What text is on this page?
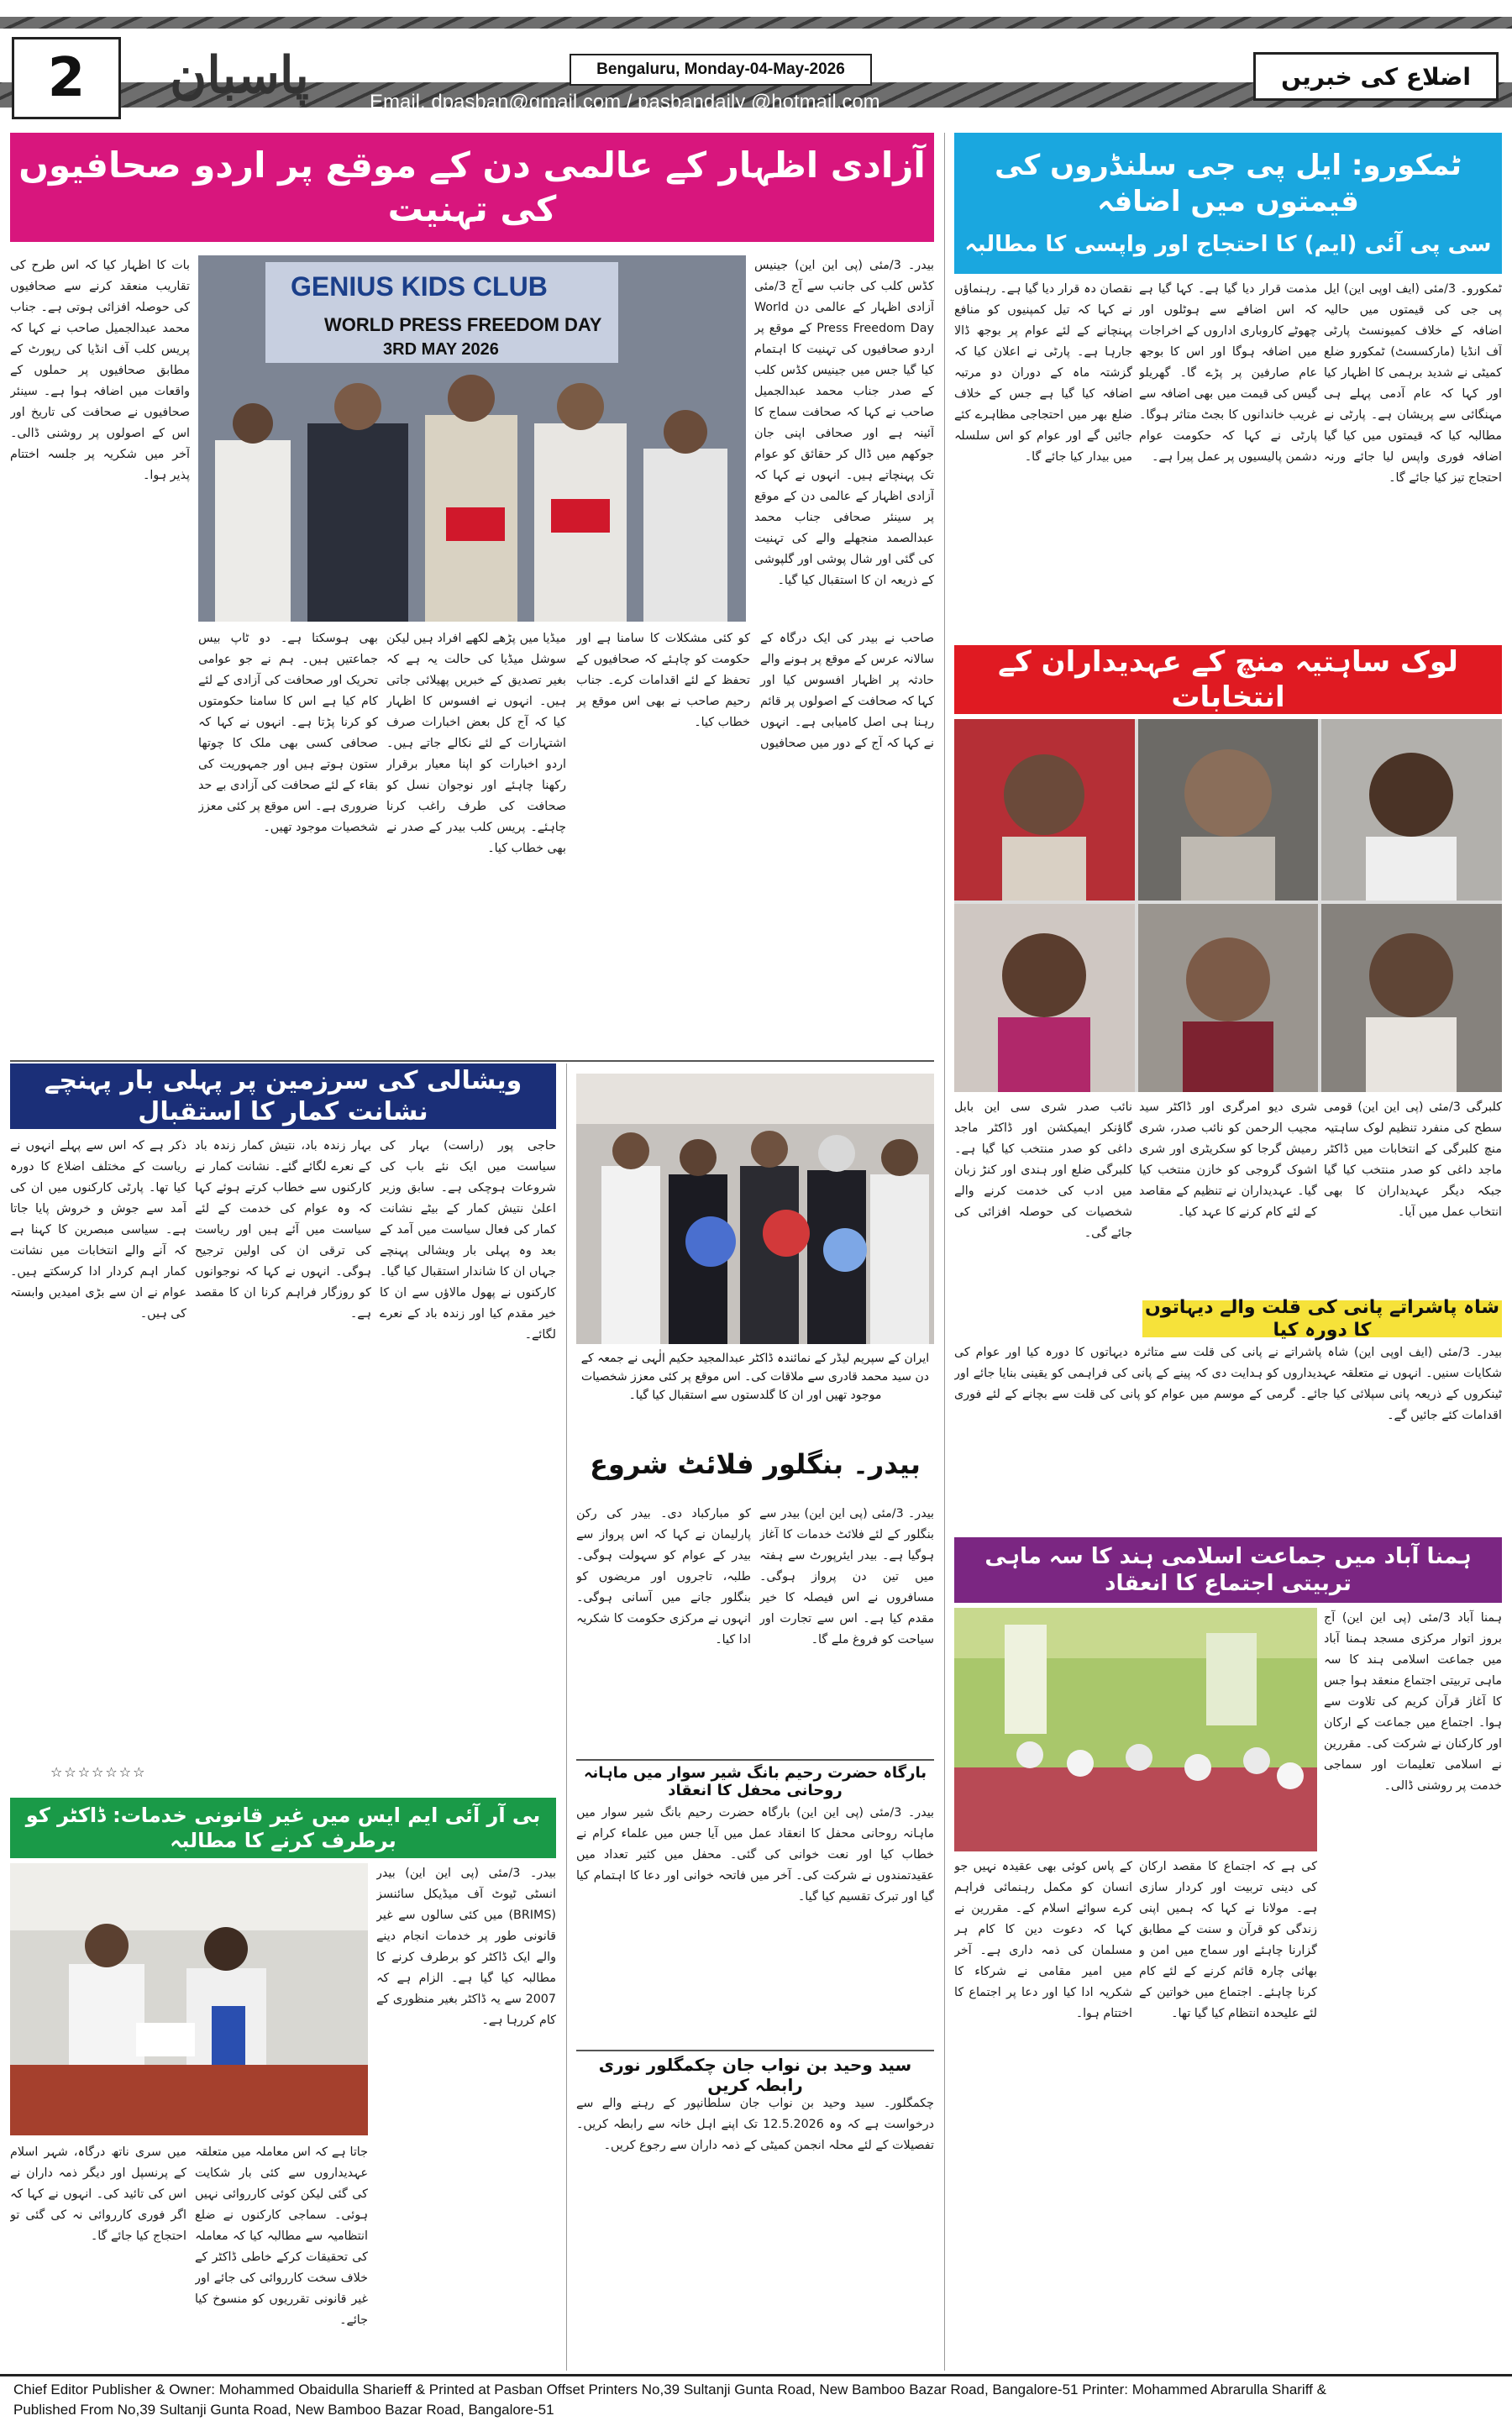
2	پاسبان	Bengaluru, Monday-04-May-2026
Email. dpasban@gmail.com / pasbandaily @hotmail.com
اضلاع کی خبریں
ٹمکورو: ایل پی جی سلنڈروں کی قیمتوں میں اضافہ
سی پی آئی (ایم) کا احتجاج اور واپسی کا مطالبہ
ٹمکورو۔ 3/مئی (ایف اوپی این) ایل پی جی کی قیمتوں میں حالیہ اضافہ کے خلاف کمیونسٹ پارٹی آف انڈیا (مارکسسٹ) ٹمکورو ضلع کمیٹی نے شدید برہمی کا اظہار کیا اور کہا کہ عام آدمی پہلے ہی مہنگائی سے پریشان ہے۔ پارٹی نے مطالبہ کیا کہ قیمتوں میں کیا گیا اضافہ فوری واپس لیا جائے ورنہ احتجاج تیز کیا جائے گا۔
مذمت قرار دیا گیا ہے۔ کہا گیا ہے کہ اس اضافے سے ہوٹلوں اور چھوٹے کاروباری اداروں کے اخراجات میں اضافہ ہوگا اور اس کا بوجھ عام صارفین پر پڑے گا۔ گھریلو گیس کی قیمت میں بھی اضافہ سے غریب خاندانوں کا بجٹ متاثر ہوگا۔ پارٹی نے کہا کہ حکومت عوام دشمن پالیسیوں پر عمل پیرا ہے۔
نقصان دہ قرار دیا گیا ہے۔ رہنماؤں نے کہا کہ تیل کمپنیوں کو منافع پہنچانے کے لئے عوام پر بوجھ ڈالا جارہا ہے۔ پارٹی نے اعلان کیا کہ گزشتہ ماہ کے دوران دو مرتبہ اضافہ کیا گیا ہے جس کے خلاف ضلع بھر میں احتجاجی مظاہرے کئے جائیں گے اور عوام کو اس سلسلہ میں بیدار کیا جائے گا۔
لوک ساہتیہ منچ کے عہدیداران کے انتخابات
کلبرگی 3/مئی (پی این این) قومی سطح کی منفرد تنظیم لوک ساہتیہ منچ کلبرگی کے انتخابات میں ڈاکٹر ماجد داغی کو صدر منتخب کیا گیا جبکہ دیگر عہدیداران کا بھی انتخاب عمل میں آیا۔
شری دیو امرگری اور ڈاکٹر سید مجیب الرحمن کو نائب صدر، شری رمیش گرجا کو سکریٹری اور شری اشوک گروجی کو خازن منتخب کیا گیا۔ عہدیداران نے تنظیم کے مقاصد کے لئے کام کرنے کا عہد کیا۔
نائب صدر شری سی این بابل گاؤنکر ایمیکشن اور ڈاکٹر ماجد داغی کو صدر منتخب کیا گیا ہے۔ کلبرگی ضلع اور ہندی اور کنڑ زبان میں ادب کی خدمت کرنے والے شخصیات کی حوصلہ افزائی کی جائے گی۔
شاہ پاشراتے پانی کی قلت والے دیہاتوں کا دورہ کیا
بیدر۔ 3/مئی (ایف اوپی این) شاہ پاشراتے نے پانی کی قلت سے متاثرہ دیہاتوں کا دورہ کیا اور عوام کی شکایات سنیں۔ انہوں نے متعلقہ عہدیداروں کو ہدایت دی کہ پینے کے پانی کی فراہمی کو یقینی بنایا جائے اور ٹینکروں کے ذریعہ پانی سپلائی کیا جائے۔ گرمی کے موسم میں عوام کو پانی کی قلت سے بچانے کے لئے فوری اقدامات کئے جائیں گے۔
ہمنا آباد میں جماعت اسلامی ہند کا سہ ماہی تربیتی اجتماع کا انعقاد
ہمنا آباد 3/مئی (پی این این) آج بروز اتوار مرکزی مسجد ہمنا آباد میں جماعت اسلامی ہند کا سہ ماہی تربیتی اجتماع منعقد ہوا جس کا آغاز قرآن کریم کی تلاوت سے ہوا۔ اجتماع میں جماعت کے ارکان اور کارکنان نے شرکت کی۔ مقررین نے اسلامی تعلیمات اور سماجی خدمت پر روشنی ڈالی۔
کی ہے کہ اجتماع کا مقصد ارکان کی دینی تربیت اور کردار سازی ہے۔ مولانا نے کہا کہ ہمیں اپنی زندگی کو قرآن و سنت کے مطابق گزارنا چاہئے اور سماج میں امن و بھائی چارہ قائم کرنے کے لئے کام کرنا چاہئے۔ اجتماع میں خواتین کے لئے علیحدہ انتظام کیا گیا تھا۔
کے پاس کوئی بھی عقیدہ نہیں جو انسان کو مکمل رہنمائی فراہم کرے سوائے اسلام کے۔ مقررین نے کہا کہ دعوت دین کا کام ہر مسلمان کی ذمہ داری ہے۔ آخر میں امیر مقامی نے شرکاء کا شکریہ ادا کیا اور دعا پر اجتماع کا اختتام ہوا۔
آزادی اظہار کے عالمی دن کے موقع پر اردو صحافیوں کی تہنیت
GENIUS KIDS CLUB
WORLD PRESS FREEDOM DAY
3RD MAY 2026
بیدر۔ 3/مئی (پی این این) جینیس کڈس کلب کی جانب سے آج 3/مئی آزادی اظہار کے عالمی دن World Press Freedom Day کے موقع پر اردو صحافیوں کی تہنیت کا اہتمام کیا گیا جس میں جینیس کڈس کلب کے صدر جناب محمد عبدالجمیل صاحب نے کہا کہ صحافت سماج کا آئینہ ہے اور صحافی اپنی جان جوکھم میں ڈال کر حقائق کو عوام تک پہنچاتے ہیں۔ انہوں نے کہا کہ آزادی اظہار کے عالمی دن کے موقع پر سینئر صحافی جناب محمد عبدالصمد منجھلے والے کی تہنیت کی گئی اور شال پوشی اور گلپوشی کے ذریعہ ان کا استقبال کیا گیا۔
صاحب نے بیدر کی ایک درگاہ کے سالانہ عرس کے موقع پر ہونے والے حادثہ پر اظہار افسوس کیا اور کہا کہ صحافت کے اصولوں پر قائم رہنا ہی اصل کامیابی ہے۔ انہوں نے کہا کہ آج کے دور میں صحافیوں کو کئی مشکلات کا سامنا ہے اور حکومت کو چاہئے کہ صحافیوں کے تحفظ کے لئے اقدامات کرے۔ جناب رحیم صاحب نے بھی اس موقع پر خطاب کیا۔
میڈیا میں پڑھے لکھے افراد ہیں لیکن سوشل میڈیا کی حالت یہ ہے کہ بغیر تصدیق کے خبریں پھیلائی جاتی ہیں۔ انہوں نے افسوس کا اظہار کیا کہ آج کل بعض اخبارات صرف اشتہارات کے لئے نکالے جاتے ہیں۔ اردو اخبارات کو اپنا معیار برقرار رکھنا چاہئے اور نوجوان نسل کو صحافت کی طرف راغب کرنا چاہئے۔ پریس کلب بیدر کے صدر نے بھی خطاب کیا۔
بھی ہوسکتا ہے۔ دو ٹاپ بیس جماعتیں ہیں۔ ہم نے جو عوامی تحریک اور صحافت کی آزادی کے لئے کام کیا ہے اس کا سامنا حکومتوں کو کرنا پڑتا ہے۔ انہوں نے کہا کہ صحافی کسی بھی ملک کا چوتھا ستون ہوتے ہیں اور جمہوریت کی بقاء کے لئے صحافت کی آزادی بے حد ضروری ہے۔ اس موقع پر کئی معزز شخصیات موجود تھیں۔
بات کا اظہار کیا کہ اس طرح کی تقاریب منعقد کرنے سے صحافیوں کی حوصلہ افزائی ہوتی ہے۔ جناب محمد عبدالجمیل صاحب نے کہا کہ پریس کلب آف انڈیا کی رپورٹ کے مطابق صحافیوں پر حملوں کے واقعات میں اضافہ ہوا ہے۔ سینئر صحافیوں نے صحافت کی تاریخ اور اس کے اصولوں پر روشنی ڈالی۔ آخر میں شکریہ پر جلسہ اختتام پذیر ہوا۔
ویشالی کی سرزمین پر پہلی بار پہنچے نشانت کمار کا استقبال
حاجی پور (راست) بہار کی سیاست میں ایک نئے باب کی شروعات ہوچکی ہے۔ سابق وزیر اعلیٰ نتیش کمار کے بیٹے نشانت کمار کی فعال سیاست میں آمد کے بعد وہ پہلی بار ویشالی پہنچے جہاں ان کا شاندار استقبال کیا گیا۔ کارکنوں نے پھول مالاؤں سے ان کا خیر مقدم کیا اور زندہ باد کے نعرے لگائے۔
بہار زندہ باد، نتیش کمار زندہ باد کے نعرے لگائے گئے۔ نشانت کمار نے کارکنوں سے خطاب کرتے ہوئے کہا کہ وہ عوام کی خدمت کے لئے سیاست میں آئے ہیں اور ریاست کی ترقی ان کی اولین ترجیح ہوگی۔ انہوں نے کہا کہ نوجوانوں کو روزگار فراہم کرنا ان کا مقصد ہے۔
ذکر ہے کہ اس سے پہلے انہوں نے ریاست کے مختلف اضلاع کا دورہ کیا تھا۔ پارٹی کارکنوں میں ان کی آمد سے جوش و خروش پایا جاتا ہے۔ سیاسی مبصرین کا کہنا ہے کہ آنے والے انتخابات میں نشانت کمار اہم کردار ادا کرسکتے ہیں۔ عوام نے ان سے بڑی امیدیں وابستہ کی ہیں۔
☆☆☆☆☆☆☆
ایران کے سپریم لیڈر کے نمائندہ ڈاکٹر عبدالمجید حکیم الٰہی نے جمعہ کے دن سید محمد قادری سے ملاقات کی۔ اس موقع پر کئی معزز شخصیات موجود تھیں اور ان کا گلدستوں سے استقبال کیا گیا۔
بیدر۔ بنگلور فلائٹ شروع
بیدر۔ 3/مئی (پی این این) بیدر سے بنگلور کے لئے فلائٹ خدمات کا آغاز ہوگیا ہے۔ بیدر ایئرپورٹ سے ہفتہ میں تین دن پرواز ہوگی۔ مسافروں نے اس فیصلہ کا خیر مقدم کیا ہے۔ اس سے تجارت اور سیاحت کو فروغ ملے گا۔
کو مبارکباد دی۔ بیدر کی رکن پارلیمان نے کہا کہ اس پرواز سے بیدر کے عوام کو سہولت ہوگی۔ طلبہ، تاجروں اور مریضوں کو بنگلور جانے میں آسانی ہوگی۔ انہوں نے مرکزی حکومت کا شکریہ ادا کیا۔
بارگاہ حضرت رحیم بانگ شیر سوار میں ماہانہ روحانی محفل کا انعقاد
بیدر۔ 3/مئی (پی این این) بارگاہ حضرت رحیم بانگ شیر سوار میں ماہانہ روحانی محفل کا انعقاد عمل میں آیا جس میں علماء کرام نے خطاب کیا اور نعت خوانی کی گئی۔ محفل میں کثیر تعداد میں عقیدتمندوں نے شرکت کی۔ آخر میں فاتحہ خوانی اور دعا کا اہتمام کیا گیا اور تبرک تقسیم کیا گیا۔
سید وحید بن نواب جان چکمگلور نوری رابطہ کریں
چکمگلور۔ سید وحید بن نواب جان سلطانپور کے رہنے والے سے درخواست ہے کہ وہ 12.5.2026 تک اپنے اہل خانہ سے رابطہ کریں۔ تفصیلات کے لئے محلہ انجمن کمیٹی کے ذمہ داران سے رجوع کریں۔
بی آر آئی ایم ایس میں غیر قانونی خدمات: ڈاکٹر کو برطرف کرنے کا مطالبہ
بیدر۔ 3/مئی (پی این این) بیدر انسٹی ٹیوٹ آف میڈیکل سائنسز (BRIMS) میں کئی سالوں سے غیر قانونی طور پر خدمات انجام دینے والے ایک ڈاکٹر کو برطرف کرنے کا مطالبہ کیا گیا ہے۔ الزام ہے کہ 2007 سے یہ ڈاکٹر بغیر منظوری کے کام کررہا ہے۔
جاتا ہے کہ اس معاملہ میں متعلقہ عہدیداروں سے کئی بار شکایت کی گئی لیکن کوئی کارروائی نہیں ہوئی۔ سماجی کارکنوں نے ضلع انتظامیہ سے مطالبہ کیا کہ معاملہ کی تحقیقات کرکے خاطی ڈاکٹر کے خلاف سخت کارروائی کی جائے اور غیر قانونی تقرریوں کو منسوخ کیا جائے۔
میں سری ناتھ درگاہ، شہر اسلام کے پرنسپل اور دیگر ذمہ داران نے اس کی تائید کی۔ انہوں نے کہا کہ اگر فوری کارروائی نہ کی گئی تو احتجاج کیا جائے گا۔
Chief Editor Publisher & Owner: Mohammed Obaidulla Sharieff & Printed at Pasban Offset Printers No,39 Sultanji Gunta Road, New Bamboo Bazar Road, Bangalore-51 Printer: Mohammed Abrarulla Shariff &
Published From No,39 Sultanji Gunta Road, New Bamboo Bazar Road, Bangalore-51
